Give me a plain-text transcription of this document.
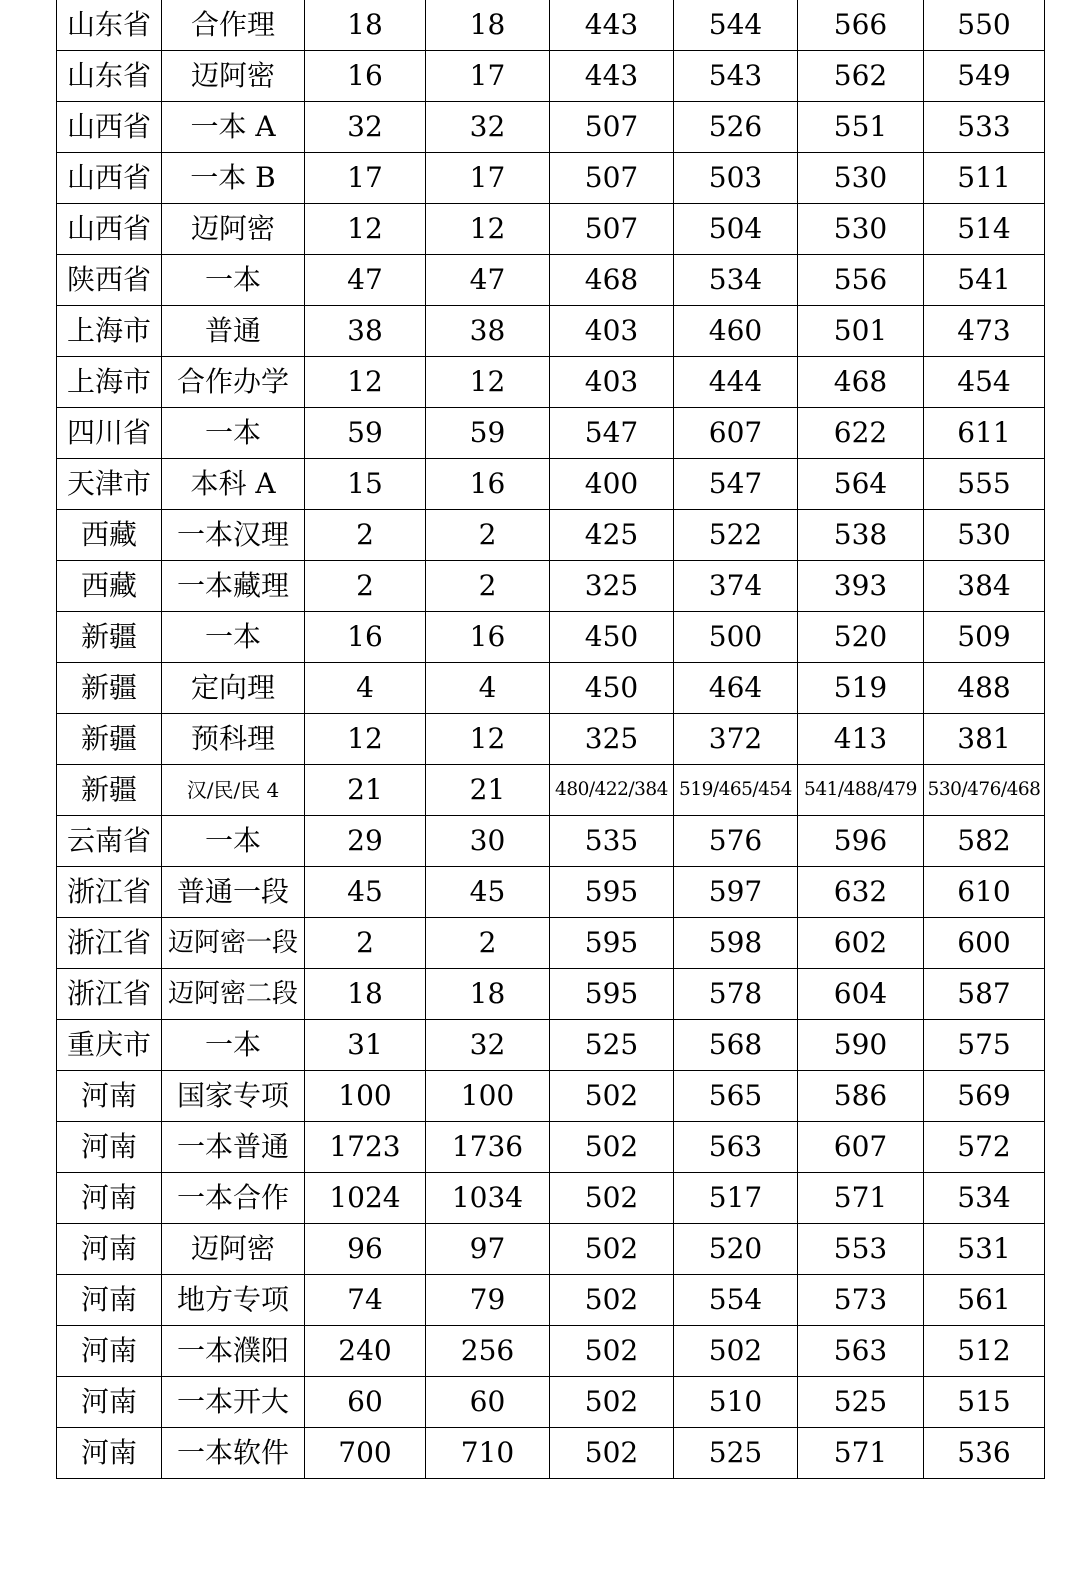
山东省	合作理	18	18	443	544	566	550
山东省	迈阿密	16	17	443	543	562	549
山西省	一本 A	32	32	507	526	551	533
山西省	一本 B	17	17	507	503	530	511
山西省	迈阿密	12	12	507	504	530	514
陕西省	一本	47	47	468	534	556	541
上海市	普通	38	38	403	460	501	473
上海市	合作办学	12	12	403	444	468	454
四川省	一本	59	59	547	607	622	611
天津市	本科 A	15	16	400	547	564	555
西藏	一本汉理	2	2	425	522	538	530
西藏	一本藏理	2	2	325	374	393	384
新疆	一本	16	16	450	500	520	509
新疆	定向理	4	4	450	464	519	488
新疆	预科理	12	12	325	372	413	381
新疆	汉/民/民 4	21	21	480/422/384	519/465/454	541/488/479	530/476/468
云南省	一本	29	30	535	576	596	582
浙江省	普通一段	45	45	595	597	632	610
浙江省	迈阿密一段	2	2	595	598	602	600
浙江省	迈阿密二段	18	18	595	578	604	587
重庆市	一本	31	32	525	568	590	575
河南	国家专项	100	100	502	565	586	569
河南	一本普通	1723	1736	502	563	607	572
河南	一本合作	1024	1034	502	517	571	534
河南	迈阿密	96	97	502	520	553	531
河南	地方专项	74	79	502	554	573	561
河南	一本濮阳	240	256	502	502	563	512
河南	一本开大	60	60	502	510	525	515
河南	一本软件	700	710	502	525	571	536
